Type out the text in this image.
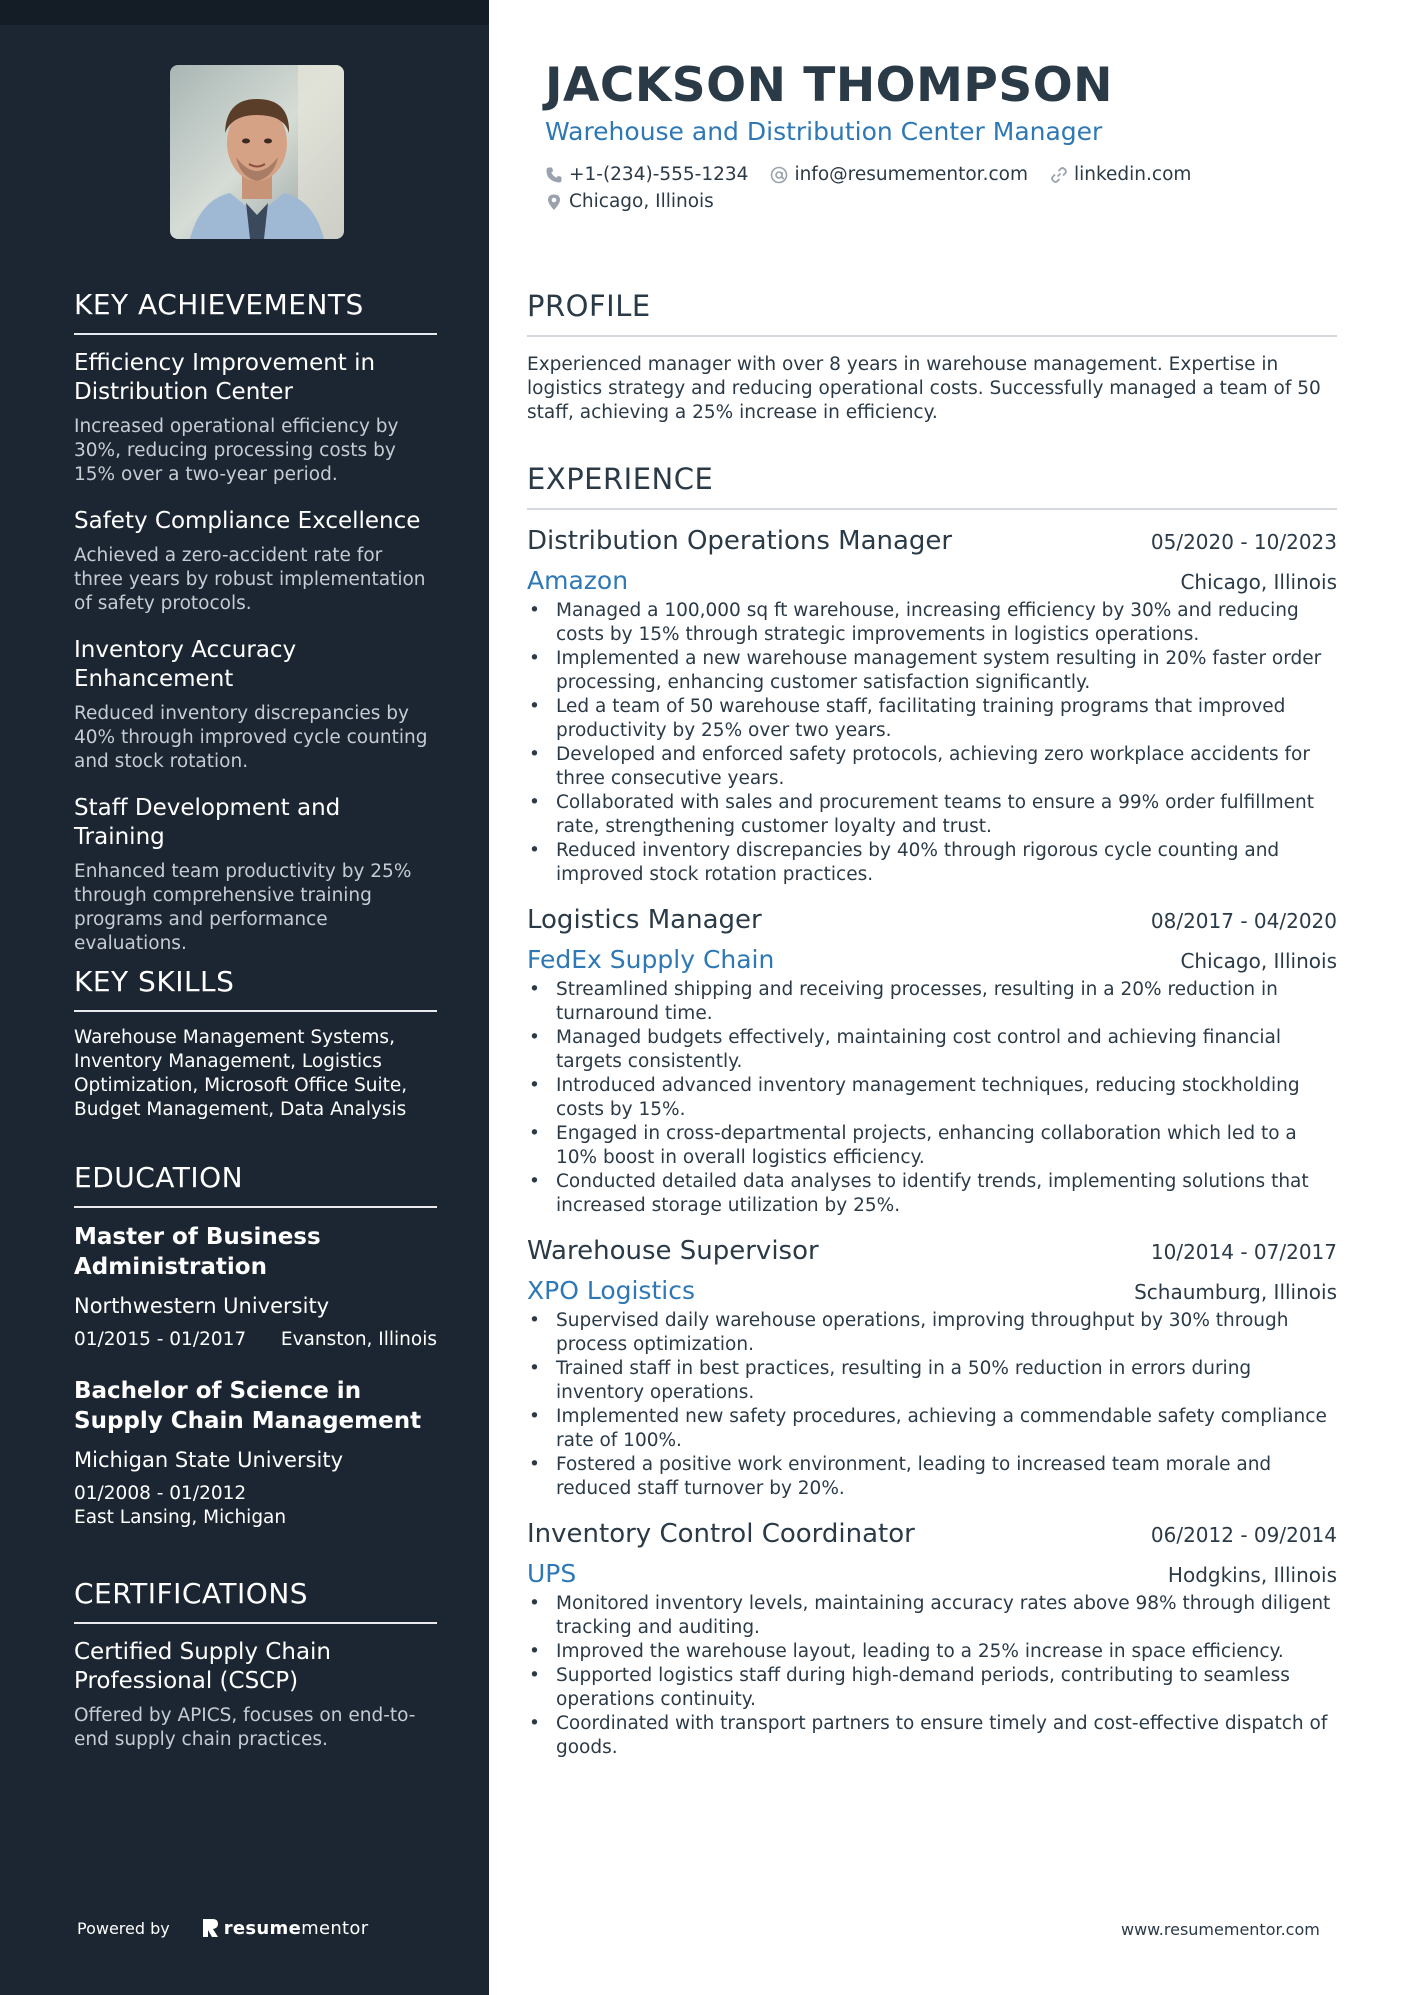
KEY ACHIEVEMENTS
Efficiency Improvement in Distribution Center
Increased operational efficiency by 30%, reducing processing costs by 15% over a two-year period.
Safety Compliance Excellence
Achieved a zero-accident rate for three years by robust implementation of safety protocols.
Inventory Accuracy Enhancement
Reduced inventory discrepancies by 40% through improved cycle counting and stock rotation.
Staff Development and Training
Enhanced team productivity by 25% through comprehensive training programs and performance evaluations.
KEY SKILLS
Warehouse Management Systems, Inventory Management, Logistics Optimization, Microsoft Office Suite, Budget Management, Data Analysis
EDUCATION
Master of Business Administration
Northwestern University
01/2015 - 01/2017 Evanston, Illinois
Bachelor of Science in Supply Chain Management
Michigan State University
01/2008 - 01/2012
East Lansing, Michigan
CERTIFICATIONS
Certified Supply Chain Professional (CSCP)
Offered by APICS, focuses on end-to-end supply chain practices.
Powered by	resume mentor
JACKSON THOMPSON
Warehouse and Distribution Center Manager
+1-(234)-555-1234 info@resumementor.com linkedin.com
Chicago, Illinois
PROFILE
Experienced manager with over 8 years in warehouse management. Expertise in logistics strategy and reducing operational costs. Successfully managed a team of 50 staff, achieving a 25% increase in efficiency.
EXPERIENCE
Distribution Operations Manager	05/2020 - 10/2023
Amazon	Chicago, Illinois
• Managed a 100,000 sq ft warehouse, increasing efficiency by 30% and reducing costs by 15% through strategic improvements in logistics operations.
• Implemented a new warehouse management system resulting in 20% faster order processing, enhancing customer satisfaction significantly.
• Led a team of 50 warehouse staff, facilitating training programs that improved productivity by 25% over two years.
• Developed and enforced safety protocols, achieving zero workplace accidents for three consecutive years.
• Collaborated with sales and procurement teams to ensure a 99% order fulfillment rate, strengthening customer loyalty and trust.
• Reduced inventory discrepancies by 40% through rigorous cycle counting and improved stock rotation practices.
Logistics Manager	08/2017 - 04/2020
FedEx Supply Chain	Chicago, Illinois
• Streamlined shipping and receiving processes, resulting in a 20% reduction in turnaround time.
• Managed budgets effectively, maintaining cost control and achieving financial targets consistently.
• Introduced advanced inventory management techniques, reducing stockholding costs by 15%.
• Engaged in cross-departmental projects, enhancing collaboration which led to a 10% boost in overall logistics efficiency.
• Conducted detailed data analyses to identify trends, implementing solutions that increased storage utilization by 25%.
Warehouse Supervisor	10/2014 - 07/2017
XPO Logistics	Schaumburg, Illinois
• Supervised daily warehouse operations, improving throughput by 30% through process optimization.
• Trained staff in best practices, resulting in a 50% reduction in errors during inventory operations.
• Implemented new safety procedures, achieving a commendable safety compliance rate of 100%.
• Fostered a positive work environment, leading to increased team morale and reduced staff turnover by 20%.
Inventory Control Coordinator	06/2012 - 09/2014
UPS	Hodgkins, Illinois
• Monitored inventory levels, maintaining accuracy rates above 98% through diligent tracking and auditing.
• Improved the warehouse layout, leading to a 25% increase in space efficiency.
• Supported logistics staff during high-demand periods, contributing to seamless operations continuity.
• Coordinated with transport partners to ensure timely and cost-effective dispatch of goods.
www.resumementor.com
